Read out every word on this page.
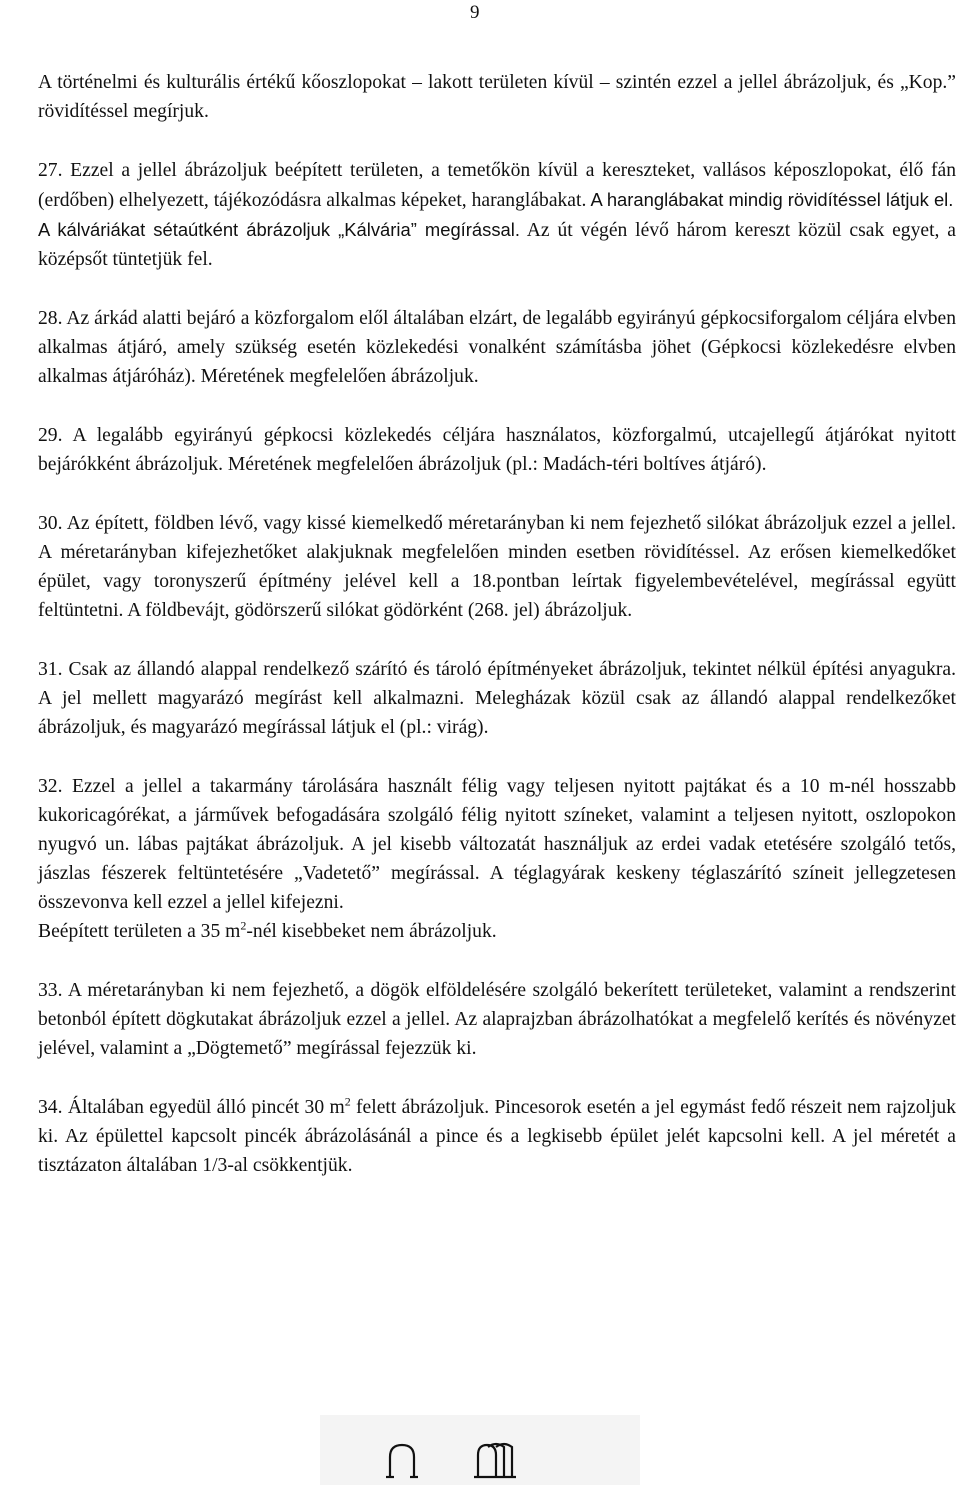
9

A történelmi és kulturális értékű kőoszlopokat – lakott területen kívül – szintén ezzel a jellel ábrázoljuk, és „Kop.” rövidítéssel megírjuk.

27. Ezzel a jellel ábrázoljuk beépített területen, a temetőkön kívül a kereszteket, vallásos képoszlopokat, élő fán (erdőben) elhelyezett, tájékozódásra alkalmas képeket, haranglábakat. A haranglábakat mindig rövidítéssel látjuk el.
A kálváriákat sétaútként ábrázoljuk „Kálvária” megírással. Az út végén lévő három kereszt közül csak egyet, a középsőt tüntetjük fel.

28. Az árkád alatti bejáró a közforgalom elől általában elzárt, de legalább egyirányú gépkocsiforgalom céljára elvben alkalmas átjáró, amely szükség esetén közlekedési vonalként számításba jöhet (Gépkocsi közlekedésre elvben alkalmas átjáróház). Méretének megfelelően ábrázoljuk.

29. A legalább egyirányú gépkocsi közlekedés céljára használatos, közforgalmú, utcajellegű átjárókat nyitott bejárókként ábrázoljuk. Méretének megfelelően ábrázoljuk (pl.: Madách-téri boltíves átjáró).

30. Az épített, földben lévő, vagy kissé kiemelkedő méretarányban ki nem fejezhető silókat ábrázoljuk ezzel a jellel. A méretarányban kifejezhetőket alakjuknak megfelelően minden esetben rövidítéssel. Az erősen kiemelkedőket épület, vagy toronyszerű építmény jelével kell a 18.pontban leírtak figyelembevételével, megírással együtt feltüntetni. A földbevájt, gödörszerű silókat gödörként (268. jel) ábrázoljuk.

31. Csak az állandó alappal rendelkező szárító és tároló építményeket ábrázoljuk, tekintet nélkül építési anyagukra. A jel mellett magyarázó megírást kell alkalmazni. Melegházak közül csak az állandó alappal rendelkezőket ábrázoljuk, és magyarázó megírással látjuk el (pl.: virág).

32. Ezzel a jellel a takarmány tárolására használt félig vagy teljesen nyitott pajtákat és a 10 m-nél hosszabb kukoricagórékat, a járművek befogadására szolgáló félig nyitott színeket, valamint a teljesen nyitott, oszlopokon nyugvó un. lábas pajtákat ábrázoljuk. A jel kisebb változatát használjuk az erdei vadak etetésére szolgáló tetős, jászlas fészerek feltüntetésére „Vadetető” megírással. A téglagyárak keskeny téglaszárító színeit jellegzetesen összevonva kell ezzel a jellel kifejezni.
Beépített területen a 35 $m^2$-nél kisebbeket nem ábrázoljuk.

33. A méretarányban ki nem fejezhető, a dögök elföldelésére szolgáló bekerített területeket, valamint a rendszerint betonból épített dögkutakat ábrázoljuk ezzel a jellel. Az alaprajzban ábrázolhatókat a megfelelő kerítés és növényzet jelével, valamint a „Dögtemető” megírással fejezzük ki.

34. Általában egyedül álló pincét 30 $m^2$ felett ábrázoljuk. Pincesorok esetén a jel egymást fedő részeit nem rajzoljuk ki. Az épülettel kapcsolt pincék ábrázolásánál a pince és a legkisebb épület jelét kapcsolni kell. A jel méretét a tisztázaton általában 1/3-al csökkentjük.
